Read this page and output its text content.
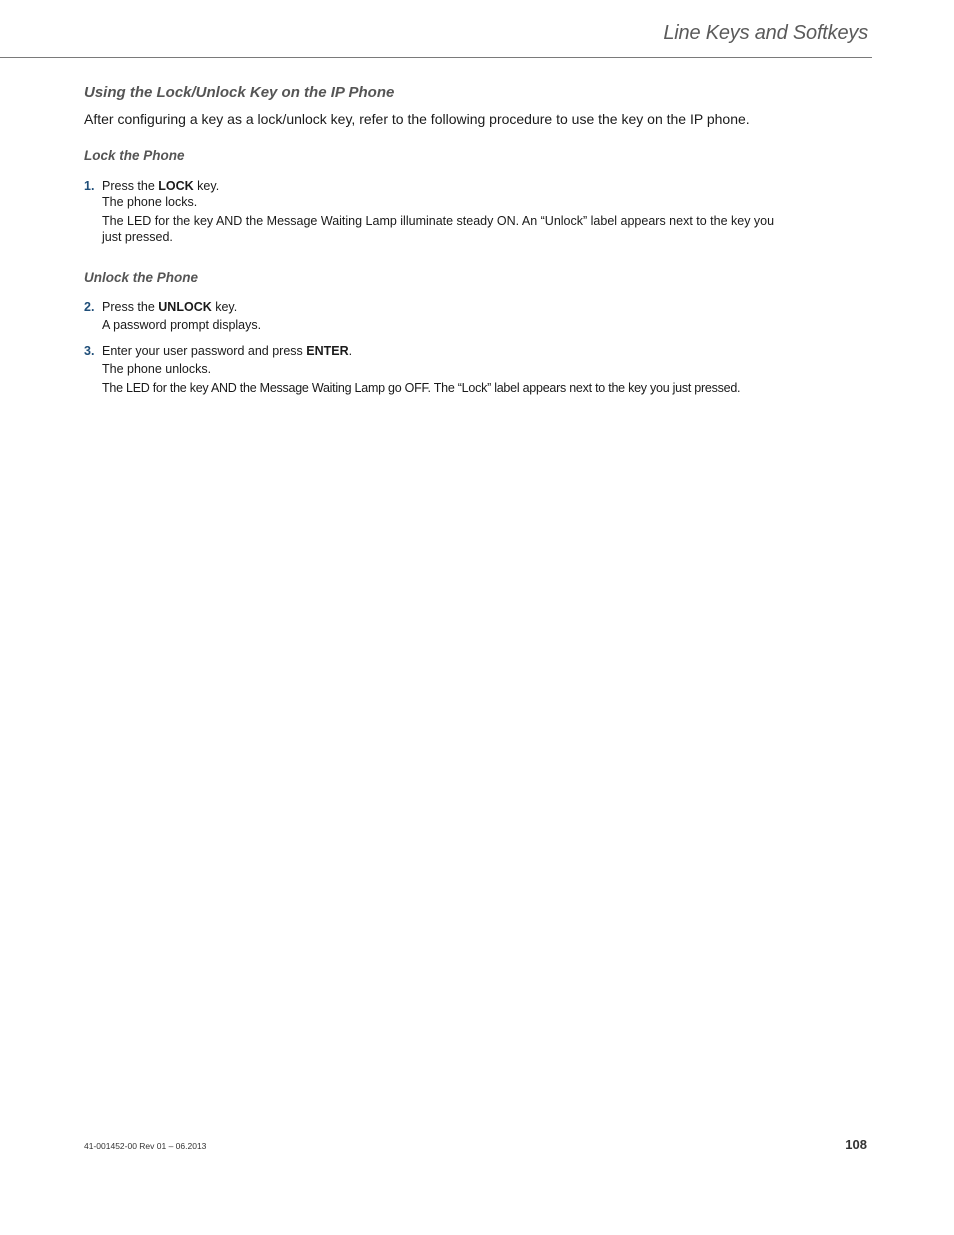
Line Keys and Softkeys
Using the Lock/Unlock Key on the IP Phone
After configuring a key as a lock/unlock key, refer to the following procedure to use the key on the IP phone.
Lock the Phone
1. Press the LOCK key.
The phone locks.
The LED for the key AND the Message Waiting Lamp illuminate steady ON. An “Unlock” label appears next to the key you just pressed.
Unlock the Phone
2. Press the UNLOCK key.
A password prompt displays.
3. Enter your user password and press ENTER.
The phone unlocks.
The LED for the key AND the Message Waiting Lamp go OFF. The “Lock” label appears next to the key you just pressed.
41-001452-00 Rev 01 – 06.2013	108
